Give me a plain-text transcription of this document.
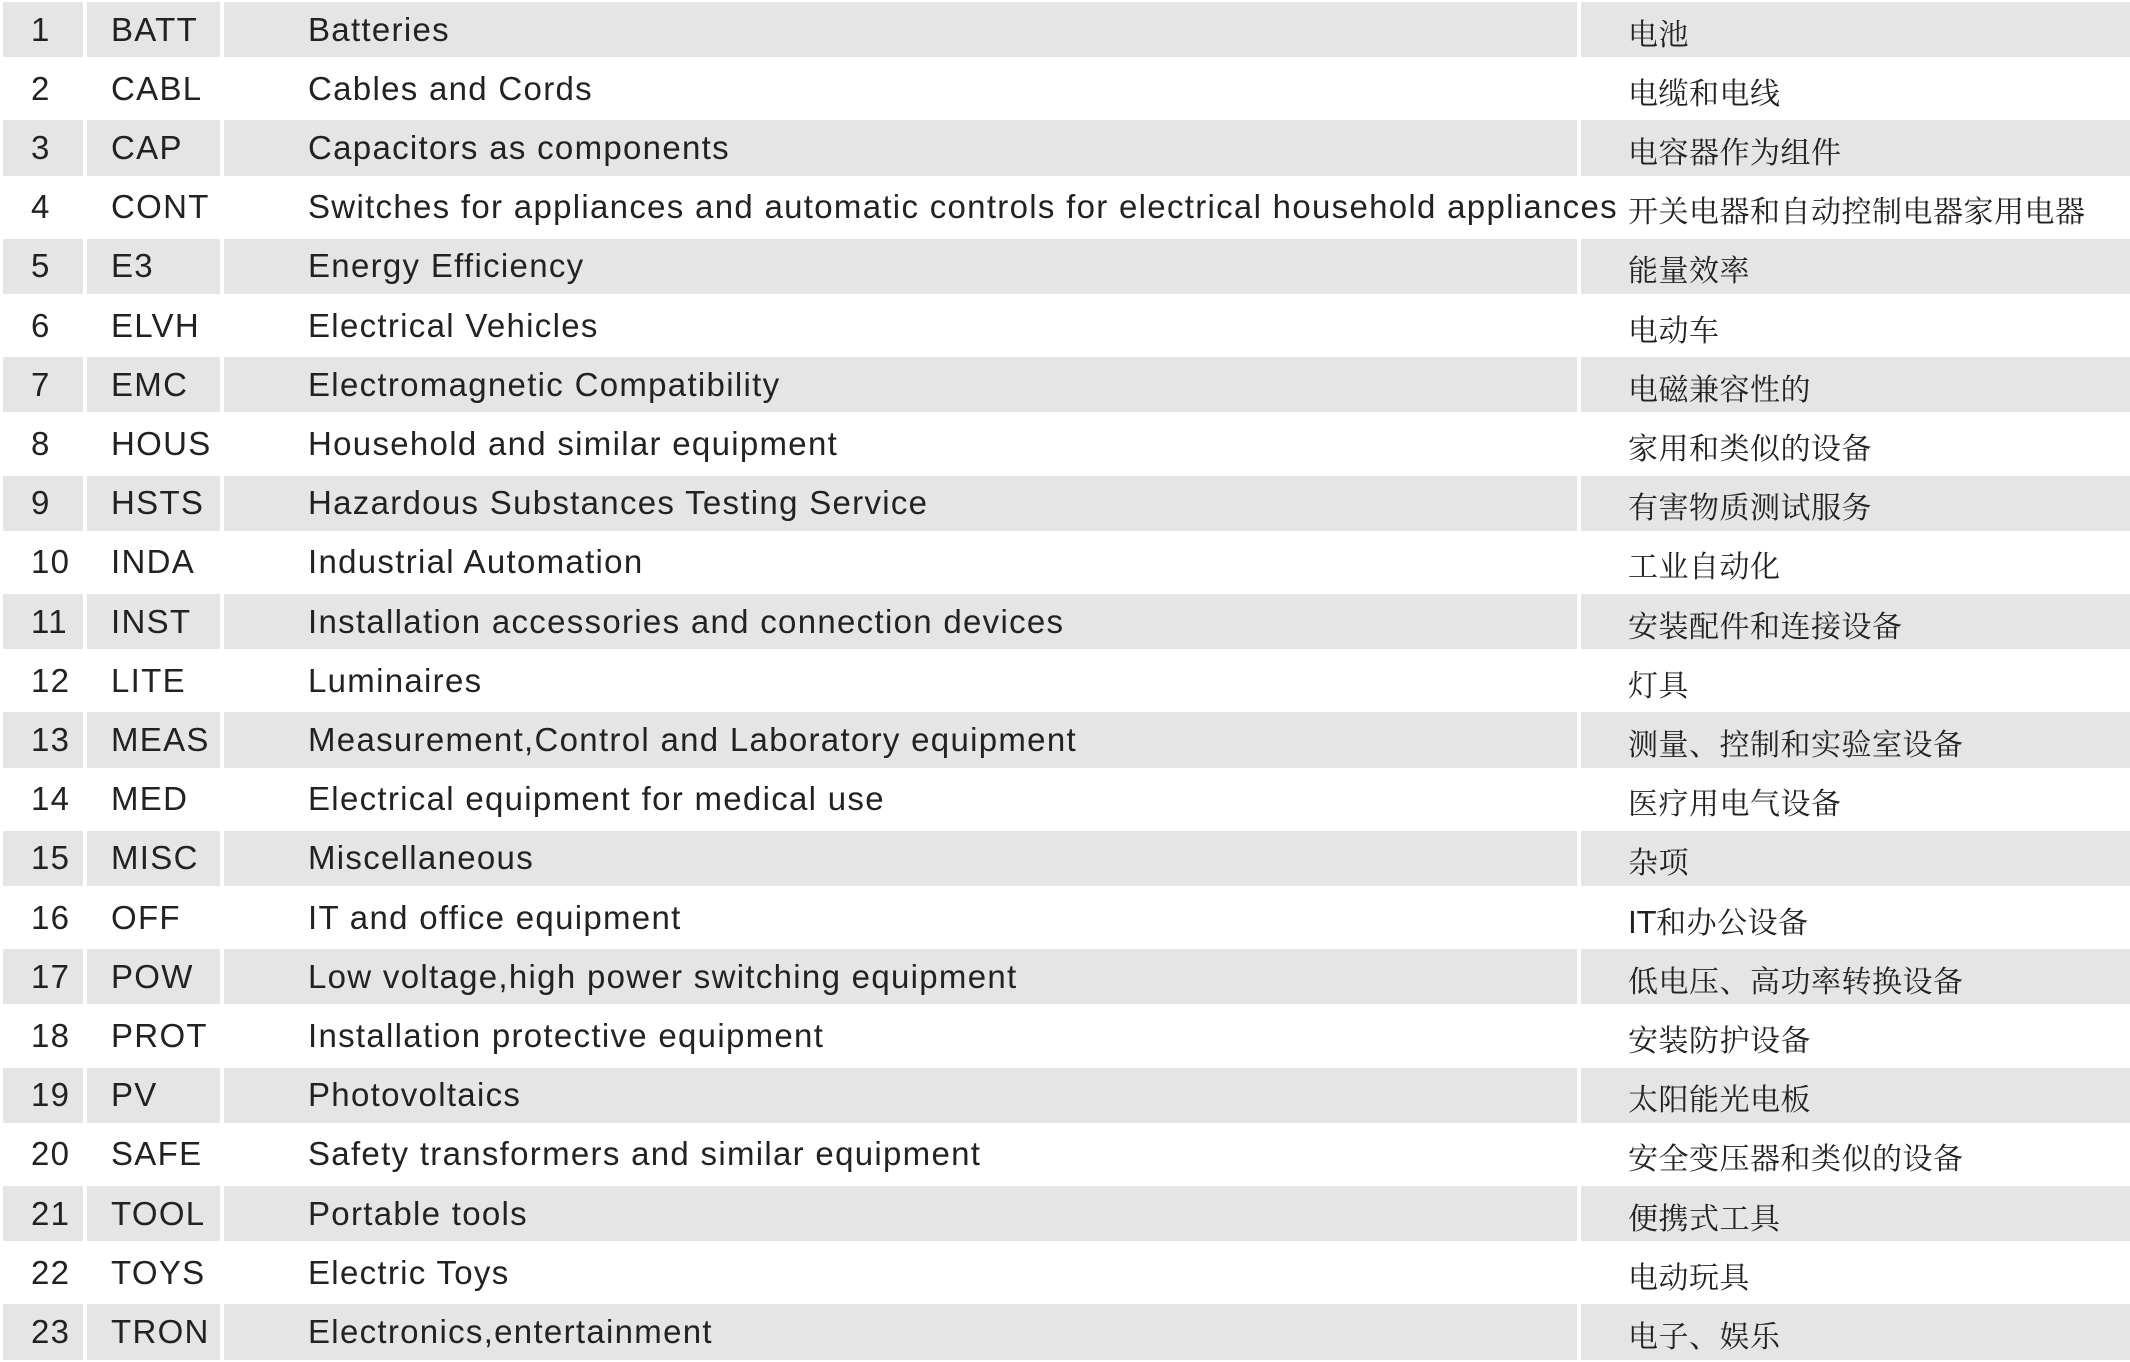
1	BATT	Batteries	电池
2	CABL	Cables and Cords	电缆和电线
3	CAP	Capacitors as components	电容器作为组件
4	CONT	Switches for appliances and automatic controls for electrical household appliances 开关电器和自动控制电器家用电器
5	E3	Energy Efficiency	能量效率
6	ELVH	Electrical Vehicles	电动车
7	EMC	Electromagnetic Compatibility	电磁兼容性的
8	HOUS	Household and similar equipment	家用和类似的设备
9	HSTS	Hazardous Substances Testing Service	有害物质测试服务
10	INDA	Industrial Automation	工业自动化
11	INST	Installation accessories and connection devices	安装配件和连接设备
12	LITE	Luminaires	灯具
13	MEAS	Measurement,Control and Laboratory equipment	测量、控制和实验室设备
14	MED	Electrical equipment for medical use	医疗用电气设备
15	MISC	Miscellaneous	杂项
16	OFF	IT and office equipment	IT和办公设备
17	POW	Low voltage,high power switching equipment	低电压、高功率转换设备
18	PROT	Installation protective equipment	安装防护设备
19	PV	Photovoltaics	太阳能光电板
20	SAFE	Safety transformers and similar equipment	安全变压器和类似的设备
21	TOOL	Portable tools	便携式工具
22	TOYS	Electric Toys	电动玩具
23	TRON	Electronics,entertainment	电子、娱乐
